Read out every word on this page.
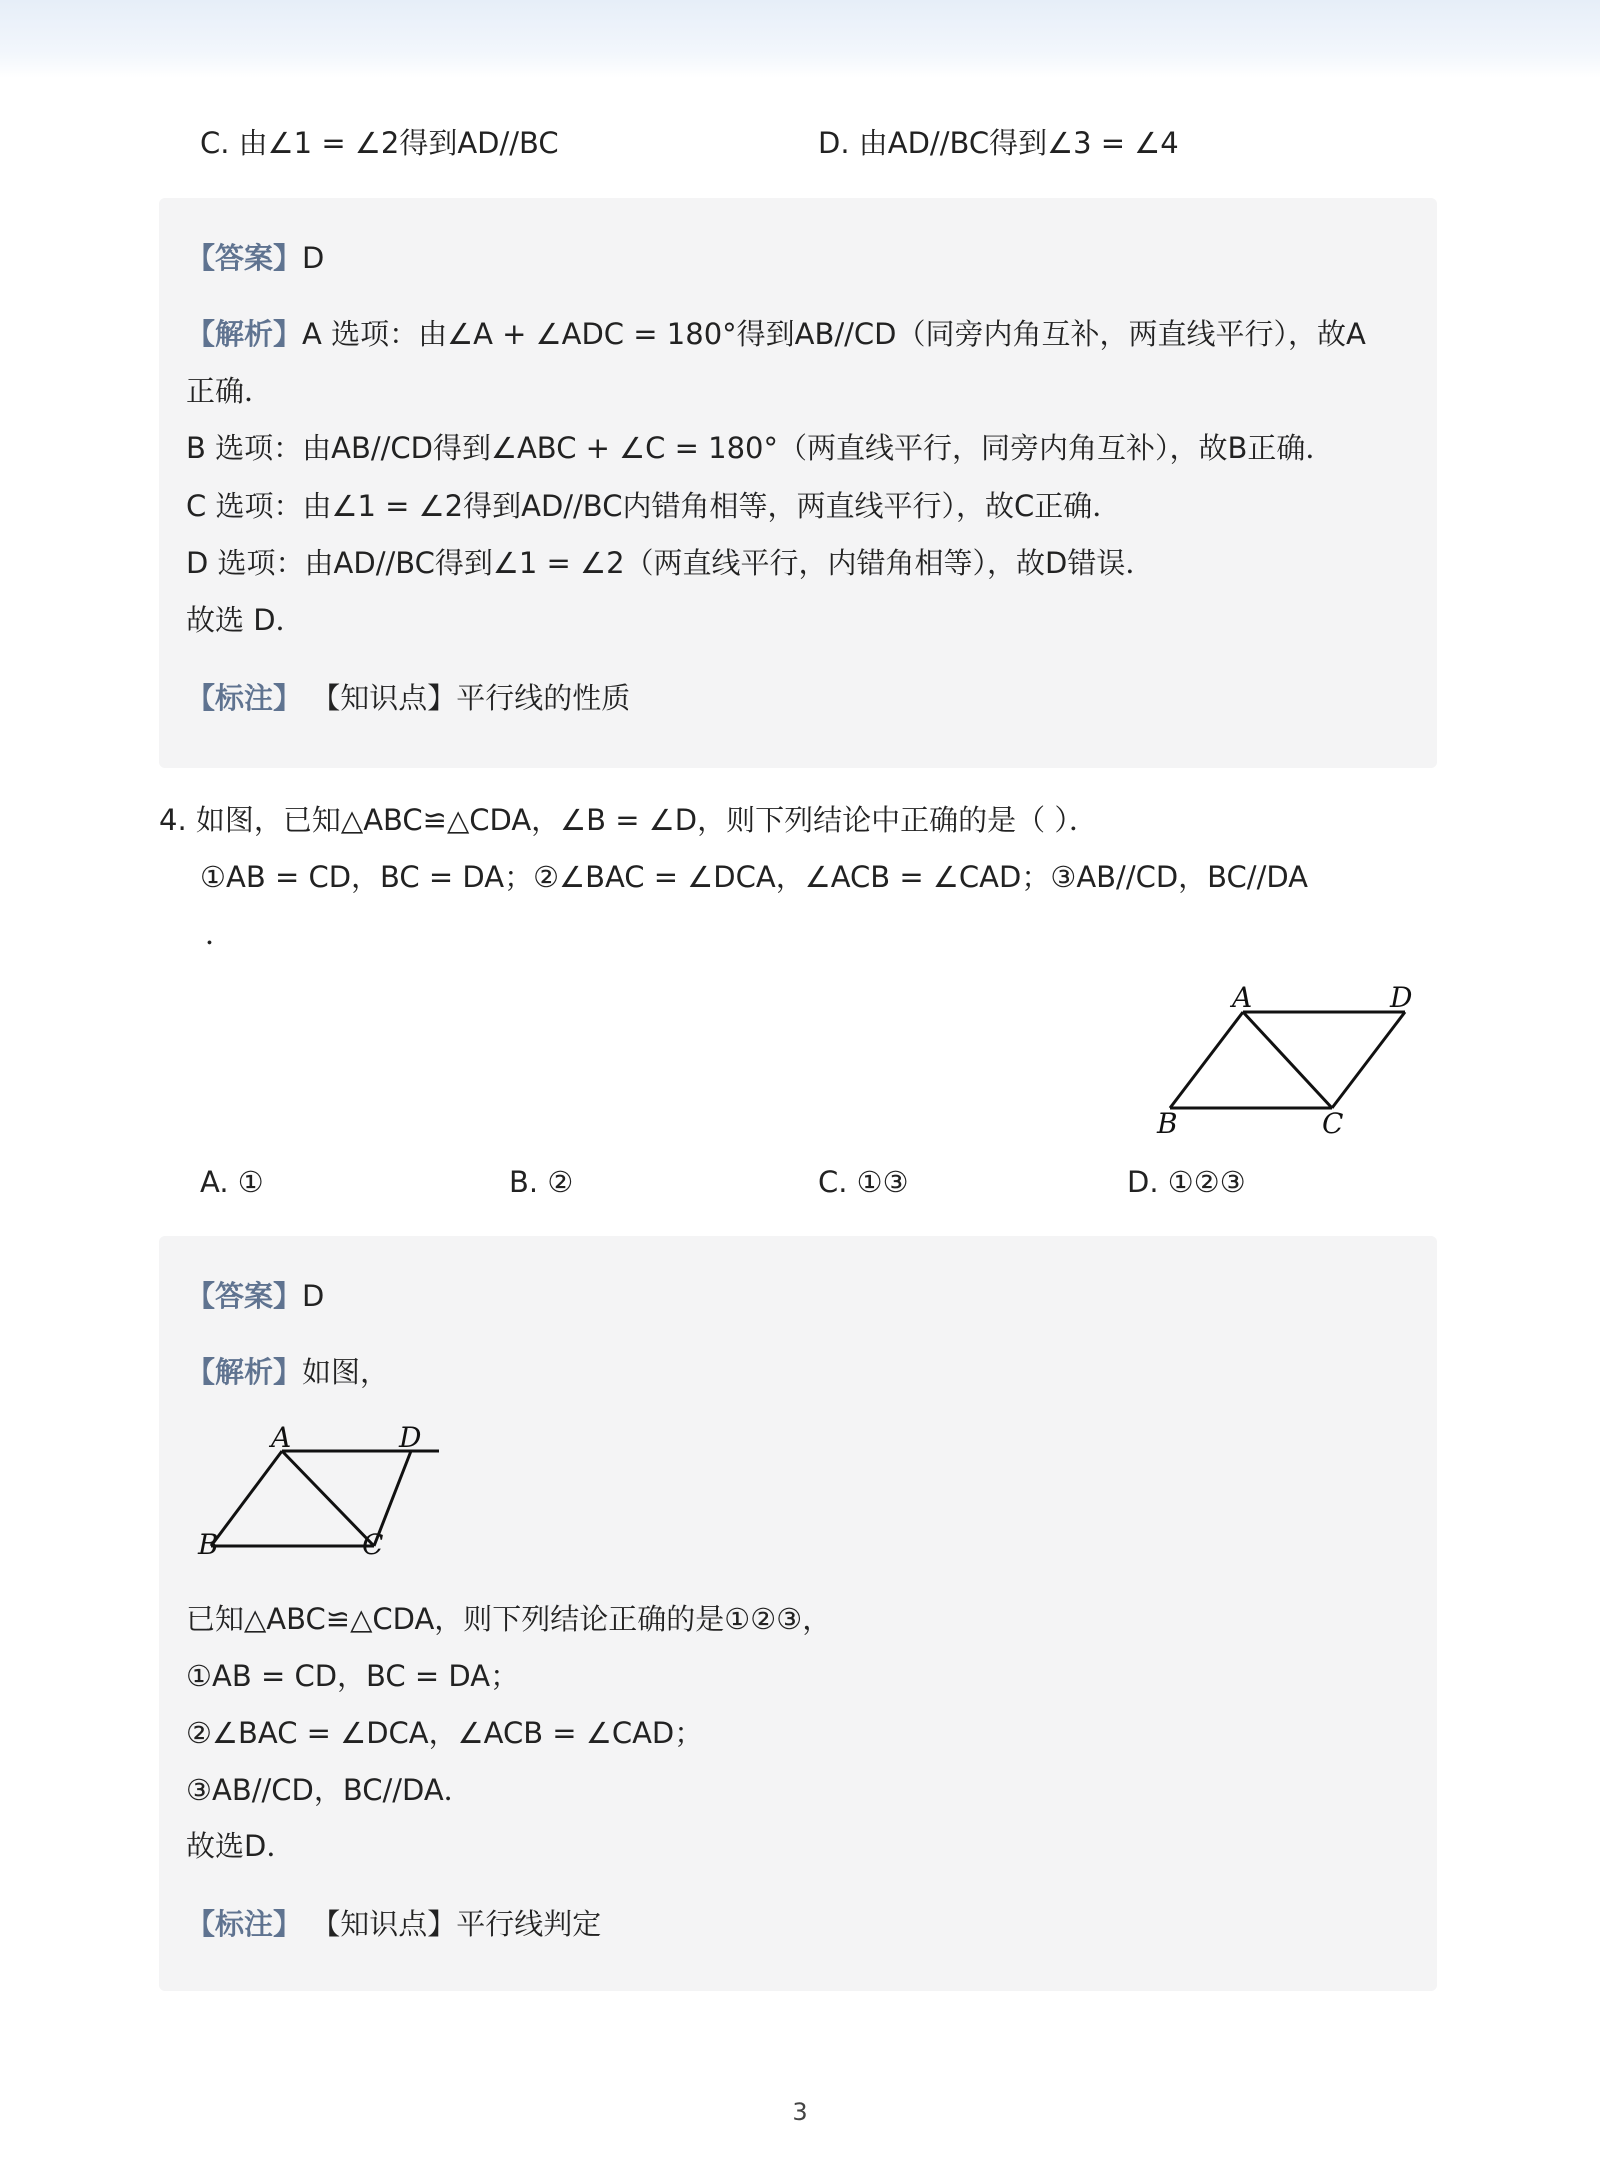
C. 由∠1 = ∠2得到AD//BC	D. 由AD//BC得到∠3 = ∠4
【答案】D
【解析】A 选项：由∠A + ∠ADC = 180°得到AB//CD（同旁内角互补，两直线平行），故A
正确．
B 选项：由AB//CD得到∠ABC + ∠C = 180°（两直线平行，同旁内角互补），故B正确．
C 选项：由∠1 = ∠2得到AD//BC内错角相等，两直线平行），故C正确．
D 选项：由AD//BC得到∠1 = ∠2（两直线平行，内错角相等），故D错误．
故选 D．
【标注】 【知识点】平行线的性质
4. 如图，已知△ABC≌△CDA，∠B = ∠D，则下列结论中正确的是（ ）．
①AB = CD，BC = DA；②∠BAC = ∠DCA，∠ACB = ∠CAD；③AB//CD，BC//DA
．
A	D
B	C
A. ①	B. ②	C. ①③	D. ①②③
【答案】D
【解析】如图，
A	D
B	C
已知△ABC≌△CDA，则下列结论正确的是①②③，
①AB = CD，BC = DA；
②∠BAC = ∠DCA，∠ACB = ∠CAD；
③AB//CD，BC//DA．
故选D．
【标注】 【知识点】平行线判定
3
